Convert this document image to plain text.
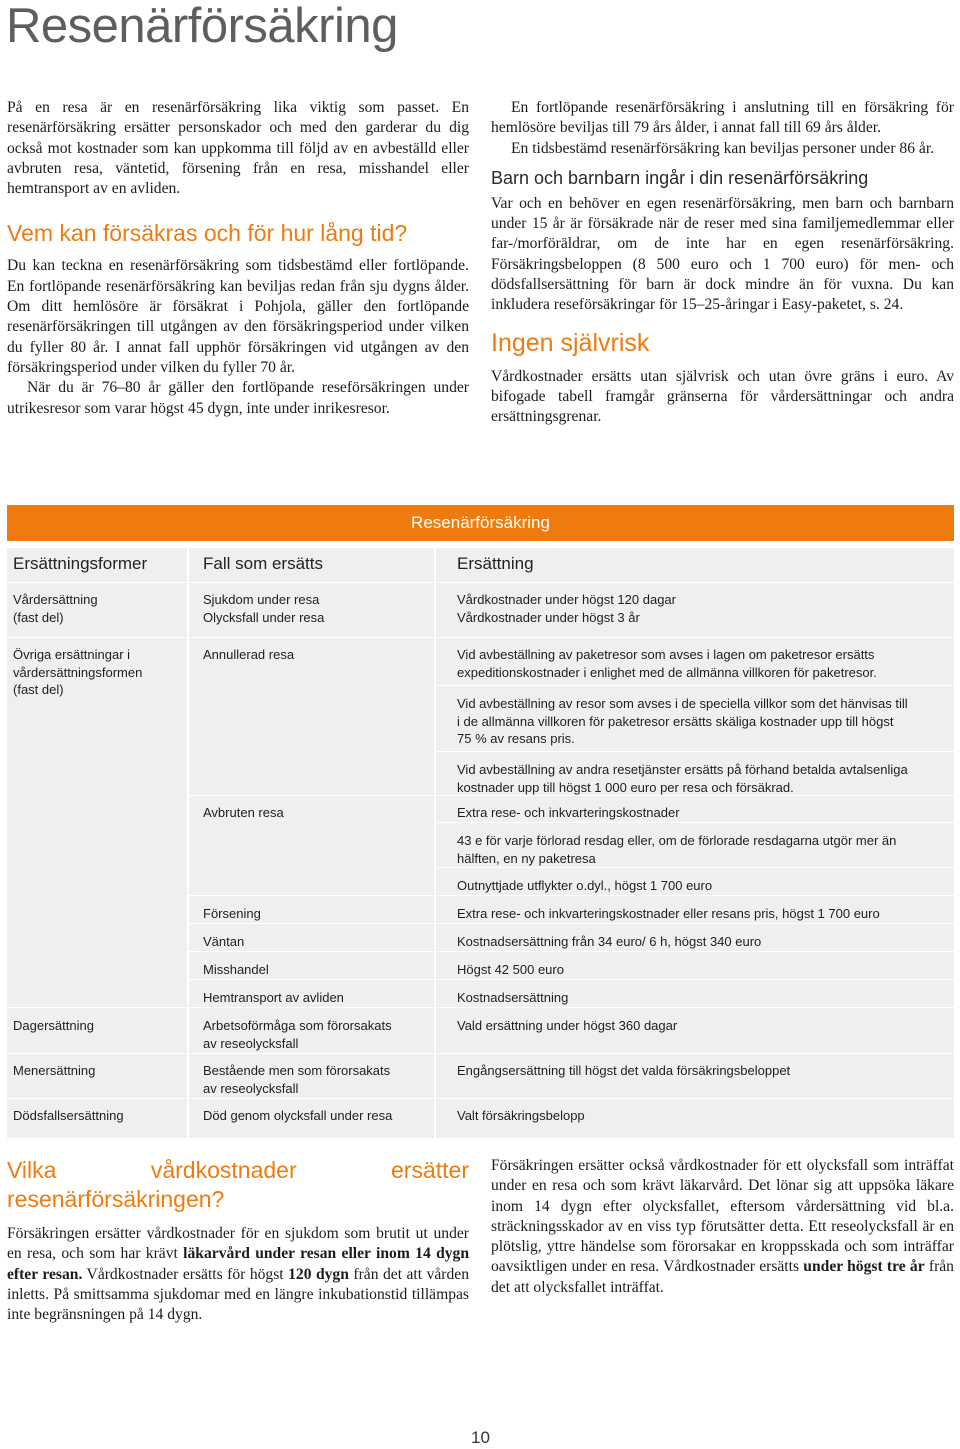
Resenärförsäkring

På en resa är en resenärförsäkring lika viktig som passet. En resenärförsäkring ersätter personskador och med den garderar du dig också mot kostnader som kan uppkomma till följd av en avbeställd eller avbruten resa, väntetid, försening från en resa, misshandel eller hemtransport av en avliden.

Vem kan försäkras och för hur lång tid?

Du kan teckna en resenärförsäkring som tidsbestämd eller fortlöpande. En fortlöpande resenärförsäkring kan beviljas redan från sju dygns ålder. Om ditt hemlösöre är försäkrat i Pohjola, gäller den fortlöpande resenärförsäkringen till utgången av den försäkringsperiod under vilken du fyller 80 år. I annat fall upphör försäkringen vid utgången av den försäkringsperiod under vilken du fyller 70 år.

När du är 76–80 år gäller den fortlöpande reseförsäkringen under utrikesresor som varar högst 45 dygn, inte under inrikesresor.

En fortlöpande resenärförsäkring i anslutning till en försäkring för hemlösöre beviljas till 79 års ålder, i annat fall till 69 års ålder.

En tidsbestämd resenärförsäkring kan beviljas personer under 86 år.

Barn och barnbarn ingår i din resenärförsäkring

Var och en behöver en egen resenärförsäkring, men barn och barnbarn under 15 år är försäkrade när de reser med sina familjemedlemmar eller far-/morföräldrar, om de inte har en egen resenärförsäkring. Försäkringsbeloppen (8 500 euro och 1 700 euro) för men- och dödsfallsersättning för barn är dock mindre än för vuxna. Du kan inkludera reseförsäkringar för 15–25-åringar i Easy-paketet, s. 24.

Ingen självrisk

Vårdkostnader ersätts utan självrisk och utan övre gräns i euro. Av bifogade tabell framgår gränserna för vårdersättningar och andra ersättningsgrenar.

Resenärförsäkring
Ersättningsformer	Fall som ersätts	Ersättning
Vårdersättning
(fast del)
Övriga ersättningar i
vårdersättningsformen
(fast del)
Dagersättning
Menersättning
Dödsfallsersättning
Sjukdom under resa
Olycksfall under resa
Annullerad resa
Avbruten resa
Försening
Väntan
Misshandel
Hemtransport av avliden
Arbetsoförmåga som förorsakats
av reseolycksfall
Bestående men som förorsakats
av reseolycksfall
Död genom olycksfall under resa
Vårdkostnader under högst 120 dagar
Vårdkostnader under högst 3 år
Vid avbeställning av paketresor som avses i lagen om paketresor ersätts
expeditionskostnader i enlighet med de allmänna villkoren för paketresor.
Vid avbeställning av resor som avses i de speciella villkor som det hänvisas till
i de allmänna villkoren för paketresor ersätts skäliga kostnader upp till högst
75 % av resans pris.
Vid avbeställning av andra resetjänster ersätts på förhand betalda avtalsenliga
kostnader upp till högst 1 000 euro per resa och försäkrad.
Extra rese- och inkvarteringskostnader
43 e för varje förlorad resdag eller, om de förlorade resdagarna utgör mer än
hälften, en ny paketresa
Outnyttjade utflykter o.dyl., högst 1 700 euro
Extra rese- och inkvarteringskostnader eller resans pris, högst 1 700 euro
Kostnadsersättning från 34 euro/ 6 h, högst 340 euro
Högst 42 500 euro
Kostnadsersättning
Vald ersättning under högst 360 dagar
Engångsersättning till högst det valda försäkringsbeloppet
Valt försäkringsbelopp
Vilka vårdkostnader ersätter resenärförsäkringen?

Försäkringen ersätter vårdkostnader för en sjukdom som brutit ut under en resa, och som har krävt läkarvård under resan eller inom 14 dygn efter resan. Vårdkostnader ersätts för högst 120 dygn från det att vården inletts. På smittsamma sjukdomar med en längre inkubationstid tillämpas inte begränsningen på 14 dygn.

Försäkringen ersätter också vårdkostnader för ett olycksfall som inträffat under en resa och som krävt läkarvård. Det lönar sig att uppsöka läkare inom 14 dygn efter olycksfallet, eftersom vårdersättning vid bl.a. sträckningsskador av en viss typ förutsätter detta. Ett reseolycksfall är en plötslig, yttre händelse som förorsakar en kroppsskada och som inträffar oavsiktligen under en resa. Vårdkostnader ersätts under högst tre år från det att olycksfallet inträffat.

10
